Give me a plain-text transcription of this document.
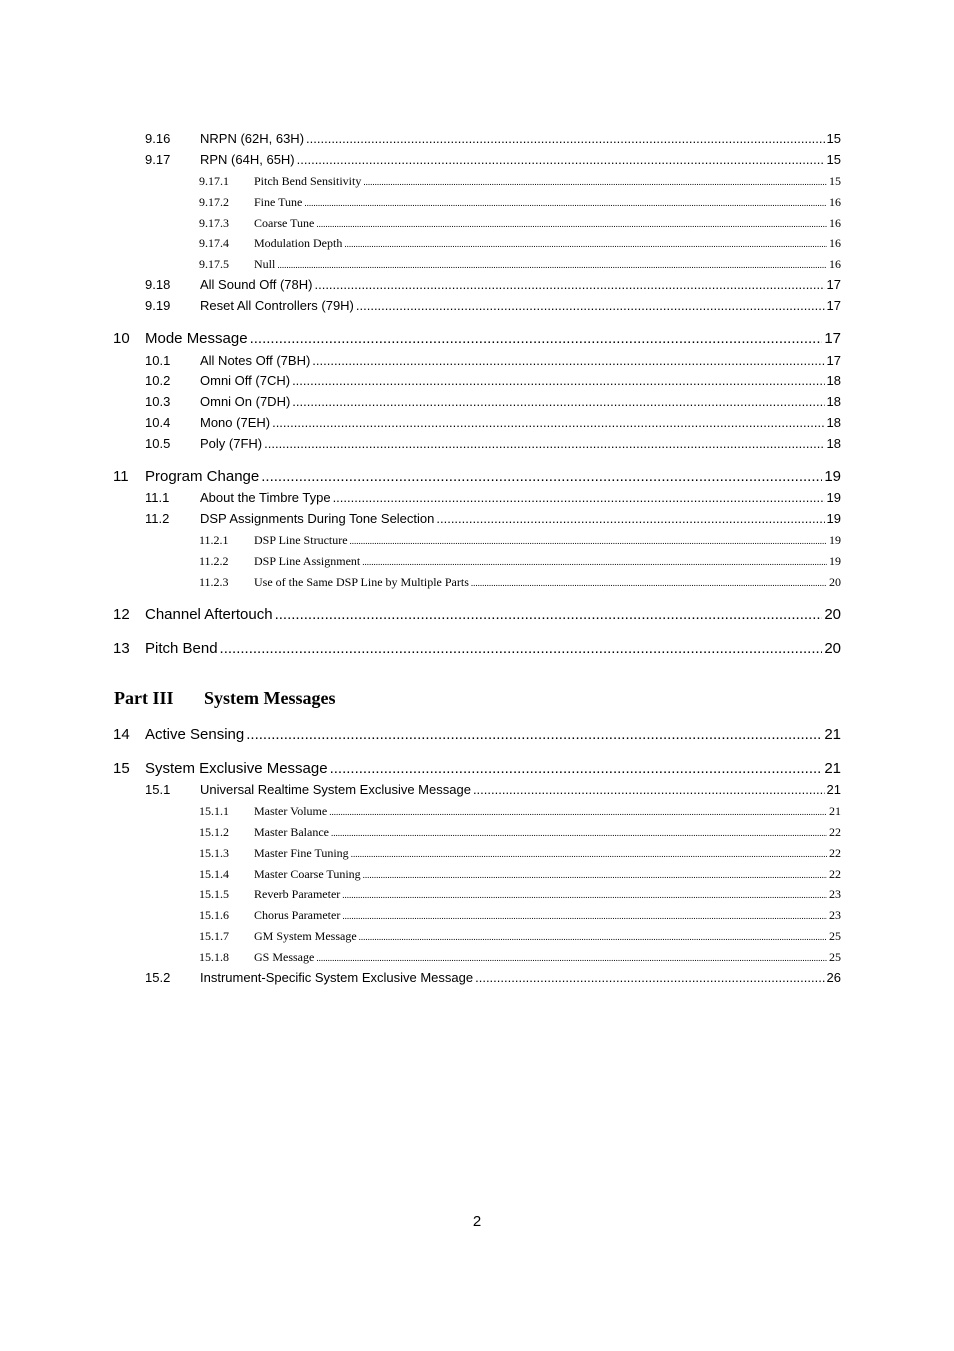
9.16 NRPN (62H, 63H) .....	15
9.17 RPN (64H, 65H) .....	15
9.17.1 Pitch Bend Sensitivity .....	15
9.17.2 Fine Tune .....	16
9.17.3 Coarse Tune .....	16
9.17.4 Modulation Depth .....	16
9.17.5 Null .....	16
9.18 All Sound Off (78H) .....	17
9.19 Reset All Controllers (79H) .....	17
10 Mode Message .....	17
10.1 All Notes Off (7BH) .....	17
10.2 Omni Off (7CH) .....	18
10.3 Omni On (7DH) .....	18
10.4 Mono (7EH) .....	18
10.5 Poly (7FH) .....	18
11 Program Change .....	19
11.1 About the Timbre Type .....	19
11.2 DSP Assignments During Tone Selection .....	19
11.2.1 DSP Line Structure .....	19
11.2.2 DSP Line Assignment .....	19
11.2.3 Use of the Same DSP Line by Multiple Parts .....	20
12 Channel Aftertouch .....	20
13 Pitch Bend .....	20
Part III System Messages
14 Active Sensing .....	21
15 System Exclusive Message .....	21
15.1 Universal Realtime System Exclusive Message .....	21
15.1.1 Master Volume .....	21
15.1.2 Master Balance .....	22
15.1.3 Master Fine Tuning .....	22
15.1.4 Master Coarse Tuning .....	22
15.1.5 Reverb Parameter .....	23
15.1.6 Chorus Parameter .....	23
15.1.7 GM System Message .....	25
15.1.8 GS Message .....	25
15.2 Instrument-Specific System Exclusive Message .....	26
2
